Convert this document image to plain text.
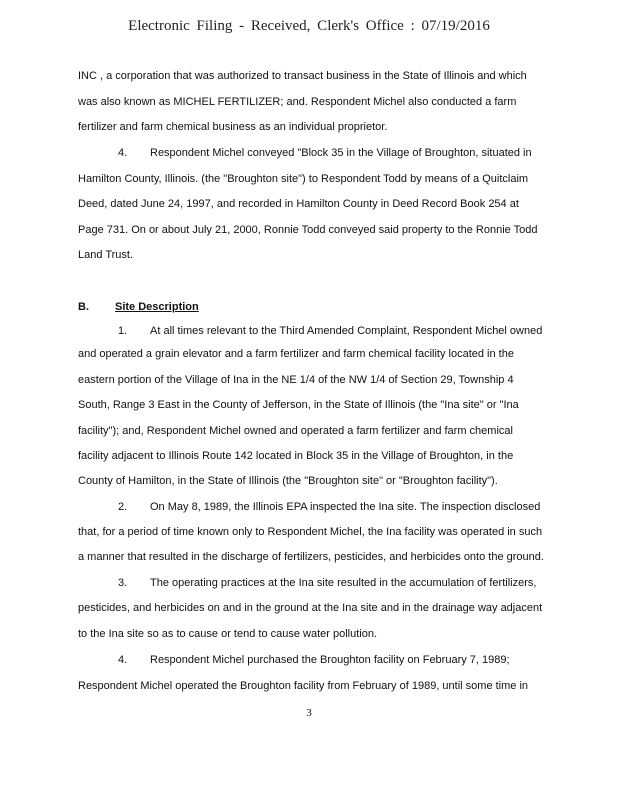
Electronic Filing - Received, Clerk's Office : 07/19/2016
B. Site Description
INC , a corporation that was authorized to transact business in the State of Illinois and which
was also known as MICHEL FERTILIZER; and. Respondent Michel also conducted a farm
fertilizer and farm chemical business as an individual proprietor.
4. Respondent Michel conveyed "Block 35 in the Village of Broughton, situated in
Hamilton County, Illinois. (the "Broughton site") to Respondent Todd by means of a Quitclaim
Deed, dated June 24, 1997, and recorded in Hamilton County in Deed Record Book 254 at
Page 731. On or about July 21, 2000, Ronnie Todd conveyed said property to the Ronnie Todd
Land Trust.
1. At all times relevant to the Third Amended Complaint, Respondent Michel owned
and operated a grain elevator and a farm fertilizer and farm chemical facility located in the
eastern portion of the Village of Ina in the NE 1/4 of the NW 1/4 of Section 29, Township 4
South, Range 3 East in the County of Jefferson, in the State of Illinois (the "Ina site" or "Ina
facility"); and, Respondent Michel owned and operated a farm fertilizer and farm chemical
facility adjacent to Illinois Route 142 located in Block 35 in the Village of Broughton, in the
County of Hamilton, in the State of Illinois (the "Broughton site" or "Broughton facility").
2. On May 8, 1989, the Illinois EPA inspected the Ina site. The inspection disclosed
that, for a period of time known only to Respondent Michel, the Ina facility was operated in such
a manner that resulted in the discharge of fertilizers, pesticides, and herbicides onto the ground.
3. The operating practices at the Ina site resulted in the accumulation of fertilizers,
pesticides, and herbicides on and in the ground at the Ina site and in the drainage way adjacent
to the Ina site so as to cause or tend to cause water pollution.
4. Respondent Michel purchased the Broughton facility on February 7, 1989;
Respondent Michel operated the Broughton facility from February of 1989, until some time in
3
